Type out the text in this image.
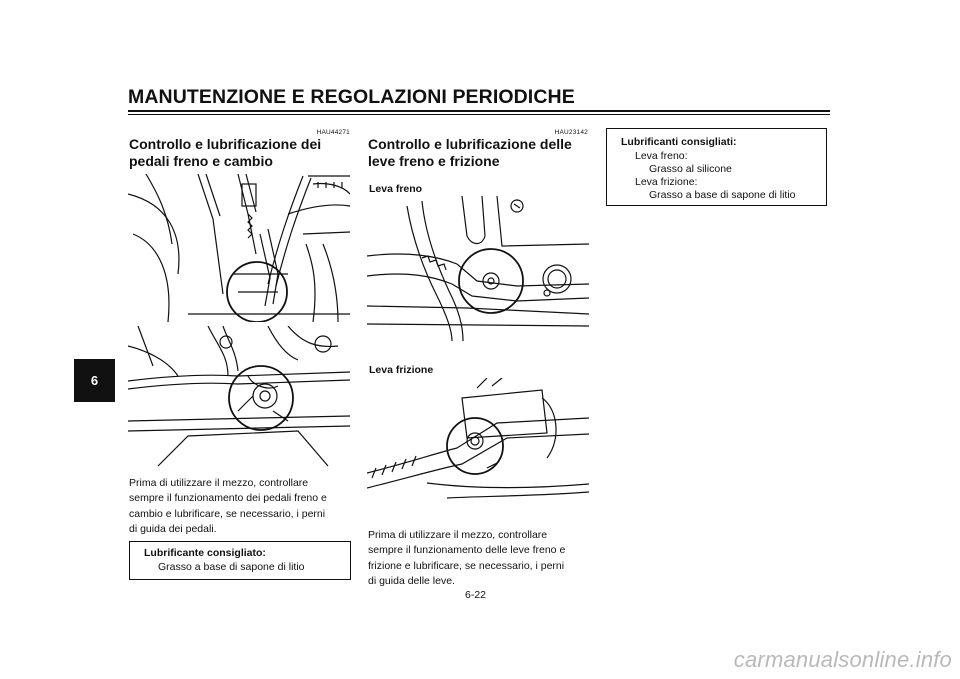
MANUTENZIONE E REGOLAZIONI PERIODICHE
6
HAU44271
Controllo e lubrificazione dei
pedali freno e cambio
Prima di utilizzare il mezzo, controllare
sempre il funzionamento dei pedali freno e
cambio e lubrificare, se necessario, i perni
di guida dei pedali.
Lubrificante consigliato:
Grasso a base di sapone di litio
HAU23142
Controllo e lubrificazione delle
leve freno e frizione
Leva freno
Leva frizione
Prima di utilizzare il mezzo, controllare
sempre il funzionamento delle leve freno e
frizione e lubrificare, se necessario, i perni
di guida delle leve.
Lubrificanti consigliati:
Leva freno:
Grasso al silicone
Leva frizione:
Grasso a base di sapone di litio
6-22
carmanualsonline.info
